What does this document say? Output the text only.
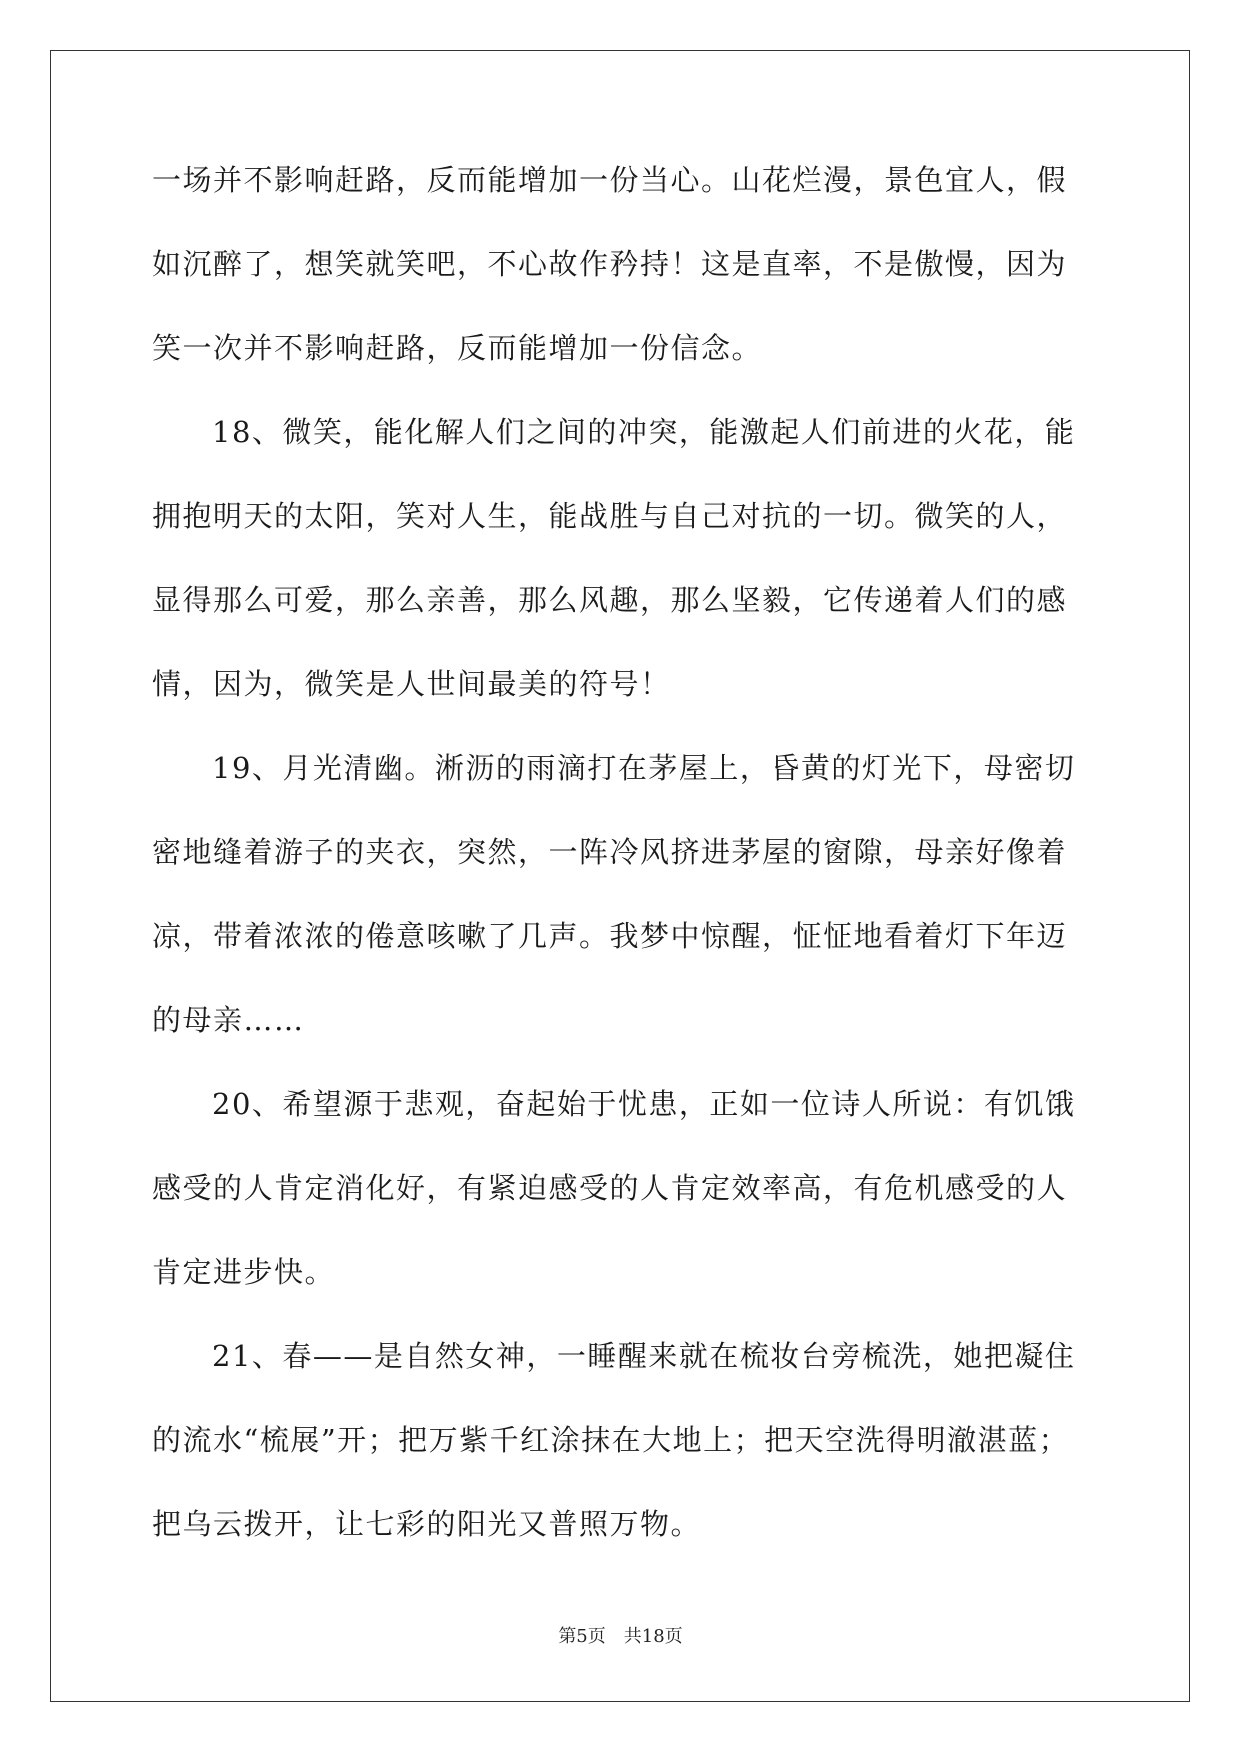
一场并不影响赶路，反而能增加一份当心。山花烂漫，景色宜人，假
如沉醉了，想笑就笑吧，不心故作矜持！这是直率，不是傲慢，因为
笑一次并不影响赶路，反而能增加一份信念。
18、微笑，能化解人们之间的冲突，能激起人们前进的火花，能
拥抱明天的太阳，笑对人生，能战胜与自己对抗的一切。微笑的人，
显得那么可爱，那么亲善，那么风趣，那么坚毅，它传递着人们的感
情，因为，微笑是人世间最美的符号！
19、月光清幽。淅沥的雨滴打在茅屋上，昏黄的灯光下，母密切
密地缝着游子的夹衣，突然，一阵冷风挤进茅屋的窗隙，母亲好像着
凉，带着浓浓的倦意咳嗽了几声。我梦中惊醒，怔怔地看着灯下年迈
的母亲……
20、希望源于悲观，奋起始于忧患，正如一位诗人所说：有饥饿
感受的人肯定消化好，有紧迫感受的人肯定效率高，有危机感受的人
肯定进步快。
21、春——是自然女神，一睡醒来就在梳妆台旁梳洗，她把凝住
的流水“梳展”开；把万紫千红涂抹在大地上；把天空洗得明澈湛蓝；
把乌云拨开，让七彩的阳光又普照万物。
第5页　共18页
